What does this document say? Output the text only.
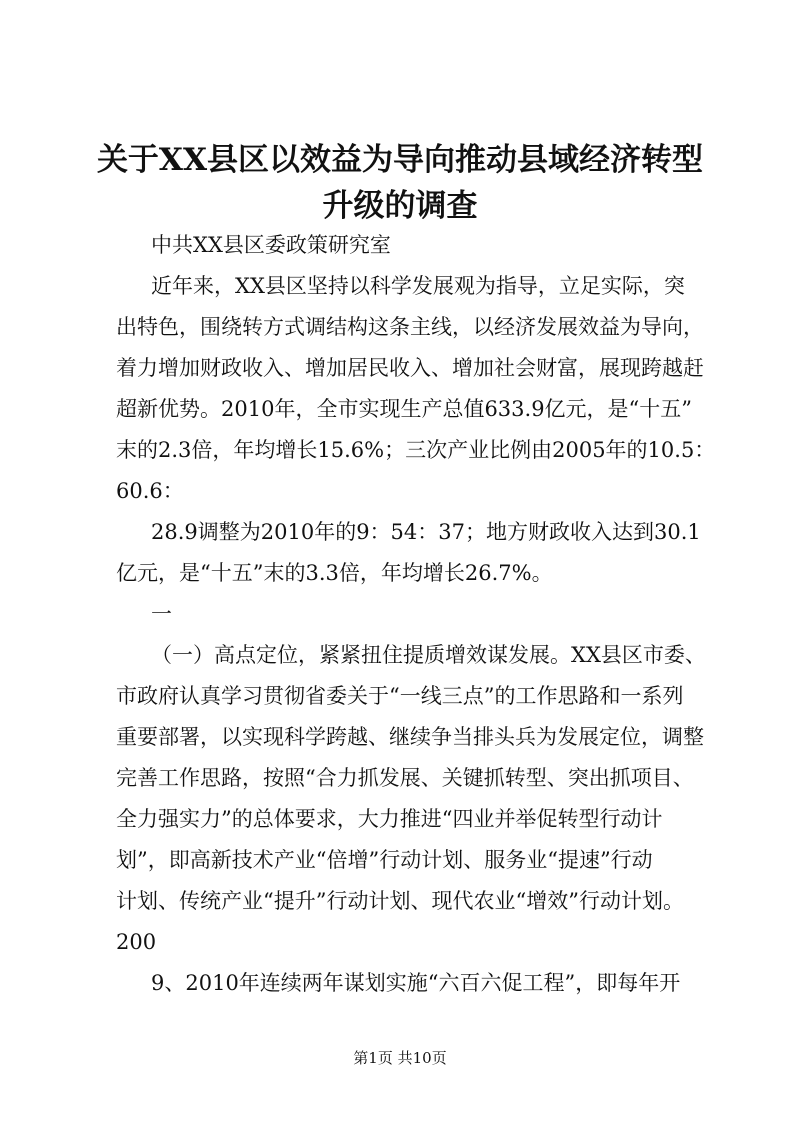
关于XX县区以效益为导向推动县域经济转型
升级的调查
中共XX县区委政策研究室
近年来，XX县区坚持以科学发展观为指导，立足实际，突
出特色，围绕转方式调结构这条主线，以经济发展效益为导向，
着力增加财政收入、增加居民收入、增加社会财富，展现跨越赶
超新优势。2010年，全市实现生产总值633.9亿元，是“十五”
末的2.3倍，年均增长15.6%；三次产业比例由2005年的10.5：
60.6：
28.9调整为2010年的9：54：37；地方财政收入达到30.1
亿元，是“十五”末的3.3倍，年均增长26.7%。
一
（一）高点定位，紧紧扭住提质增效谋发展。XX县区市委、
市政府认真学习贯彻省委关于“一线三点”的工作思路和一系列
重要部署，以实现科学跨越、继续争当排头兵为发展定位，调整
完善工作思路，按照“合力抓发展、关键抓转型、突出抓项目、
全力强实力”的总体要求，大力推进“四业并举促转型行动计
划”，即高新技术产业“倍增”行动计划、服务业“提速”行动
计划、传统产业“提升”行动计划、现代农业“增效”行动计划。
200
9、2010年连续两年谋划实施“六百六促工程”，即每年开
第1页 共10页
